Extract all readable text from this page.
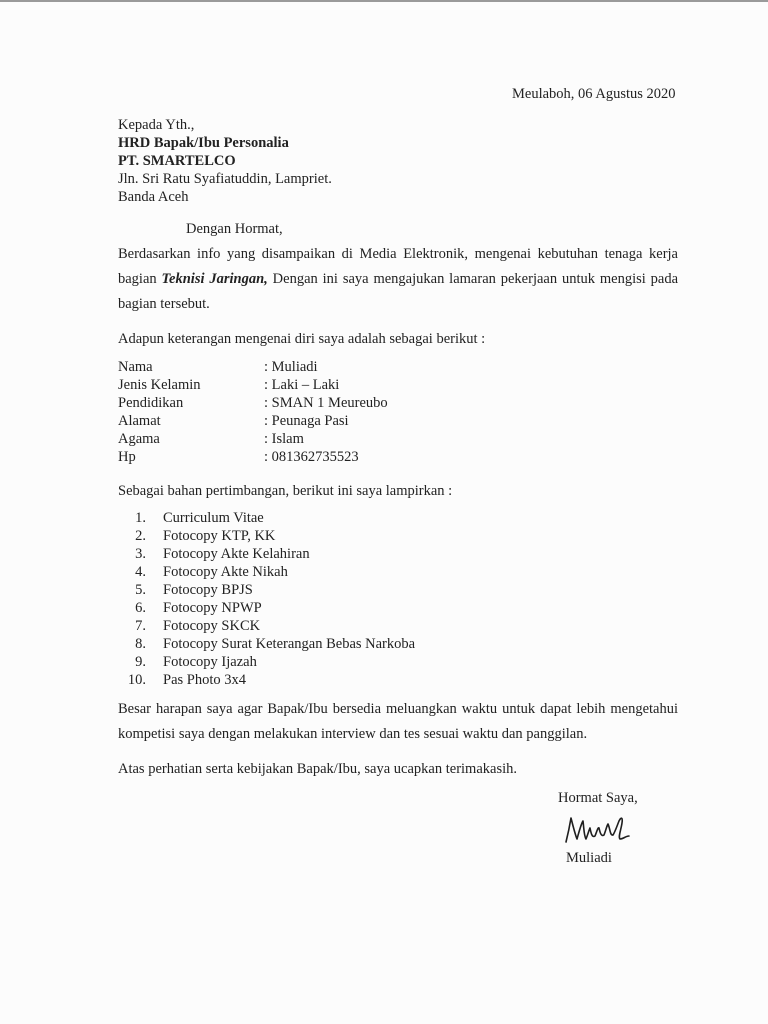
Meulaboh, 06 Agustus 2020
Kepada Yth.,
HRD Bapak/Ibu Personalia
PT. SMARTELCO
Jln. Sri Ratu Syafiatuddin, Lampriet.
Banda Aceh
Dengan Hormat,
Berdasarkan info yang disampaikan di Media Elektronik, mengenai kebutuhan tenaga kerja
bagian Teknisi Jaringan, Dengan ini saya mengajukan lamaran pekerjaan untuk mengisi pada
bagian tersebut.
Adapun keterangan mengenai diri saya adalah sebagai berikut :
Nama	: Muliadi
Jenis Kelamin	: Laki – Laki
Pendidikan	: SMAN 1 Meureubo
Alamat	: Peunaga Pasi
Agama	: Islam
Hp	: 081362735523
Sebagai bahan pertimbangan, berikut ini saya lampirkan :
1. Curriculum Vitae
2. Fotocopy KTP, KK
3. Fotocopy Akte Kelahiran
4. Fotocopy Akte Nikah
5. Fotocopy BPJS
6. Fotocopy NPWP
7. Fotocopy SKCK
8. Fotocopy Surat Keterangan Bebas Narkoba
9. Fotocopy Ijazah
10. Pas Photo 3x4
Besar harapan saya agar Bapak/Ibu bersedia meluangkan waktu untuk dapat lebih mengetahui
kompetisi saya dengan melakukan interview dan tes sesuai waktu dan panggilan.
Atas perhatian serta kebijakan Bapak/Ibu, saya ucapkan terimakasih.
Hormat Saya,
Muliadi
